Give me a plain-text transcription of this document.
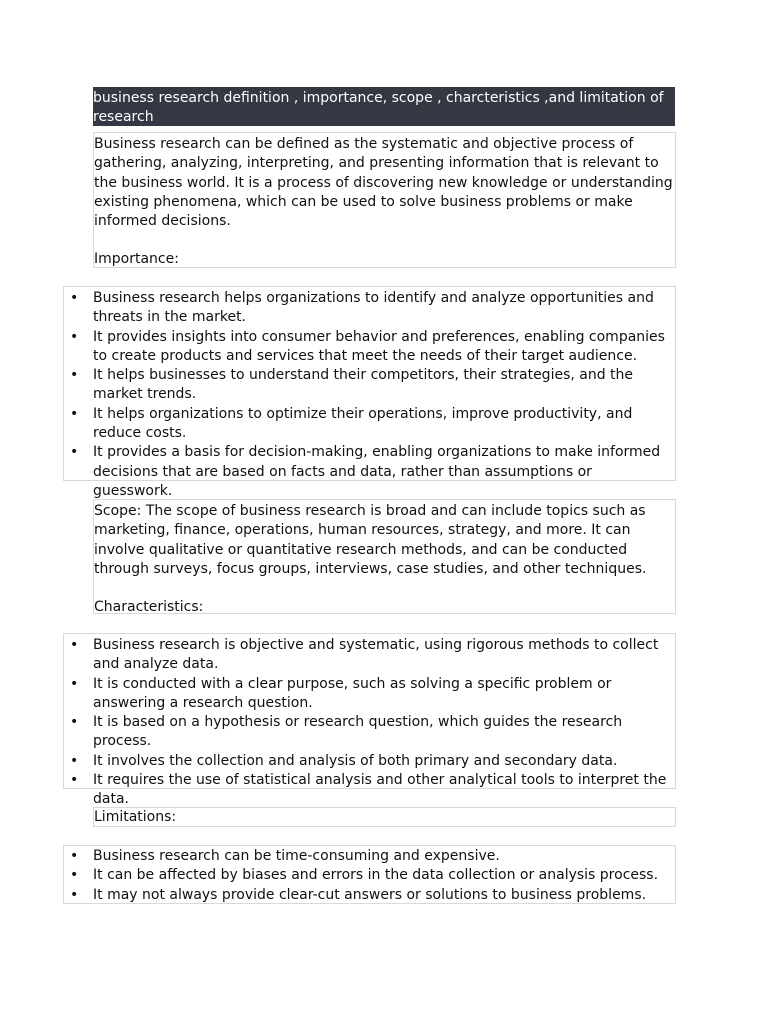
business research definition , importance, scope , charcteristics ,and limitation of research

Business research can be defined as the systematic and objective process of gathering, analyzing, interpreting, and presenting information that is relevant to the business world. It is a process of discovering new knowledge or understanding existing phenomena, which can be used to solve business problems or make informed decisions.

Importance:

• Business research helps organizations to identify and analyze opportunities and threats in the market.
• It provides insights into consumer behavior and preferences, enabling companies to create products and services that meet the needs of their target audience.
• It helps businesses to understand their competitors, their strategies, and the market trends.
• It helps organizations to optimize their operations, improve productivity, and reduce costs.
• It provides a basis for decision-making, enabling organizations to make informed decisions that are based on facts and data, rather than assumptions or guesswork.

Scope: The scope of business research is broad and can include topics such as marketing, finance, operations, human resources, strategy, and more. It can involve qualitative or quantitative research methods, and can be conducted through surveys, focus groups, interviews, case studies, and other techniques.

Characteristics:

• Business research is objective and systematic, using rigorous methods to collect and analyze data.
• It is conducted with a clear purpose, such as solving a specific problem or answering a research question.
• It is based on a hypothesis or research question, which guides the research process.
• It involves the collection and analysis of both primary and secondary data.
• It requires the use of statistical analysis and other analytical tools to interpret the data.

Limitations:

• Business research can be time-consuming and expensive.
• It can be affected by biases and errors in the data collection or analysis process.
• It may not always provide clear-cut answers or solutions to business problems.
